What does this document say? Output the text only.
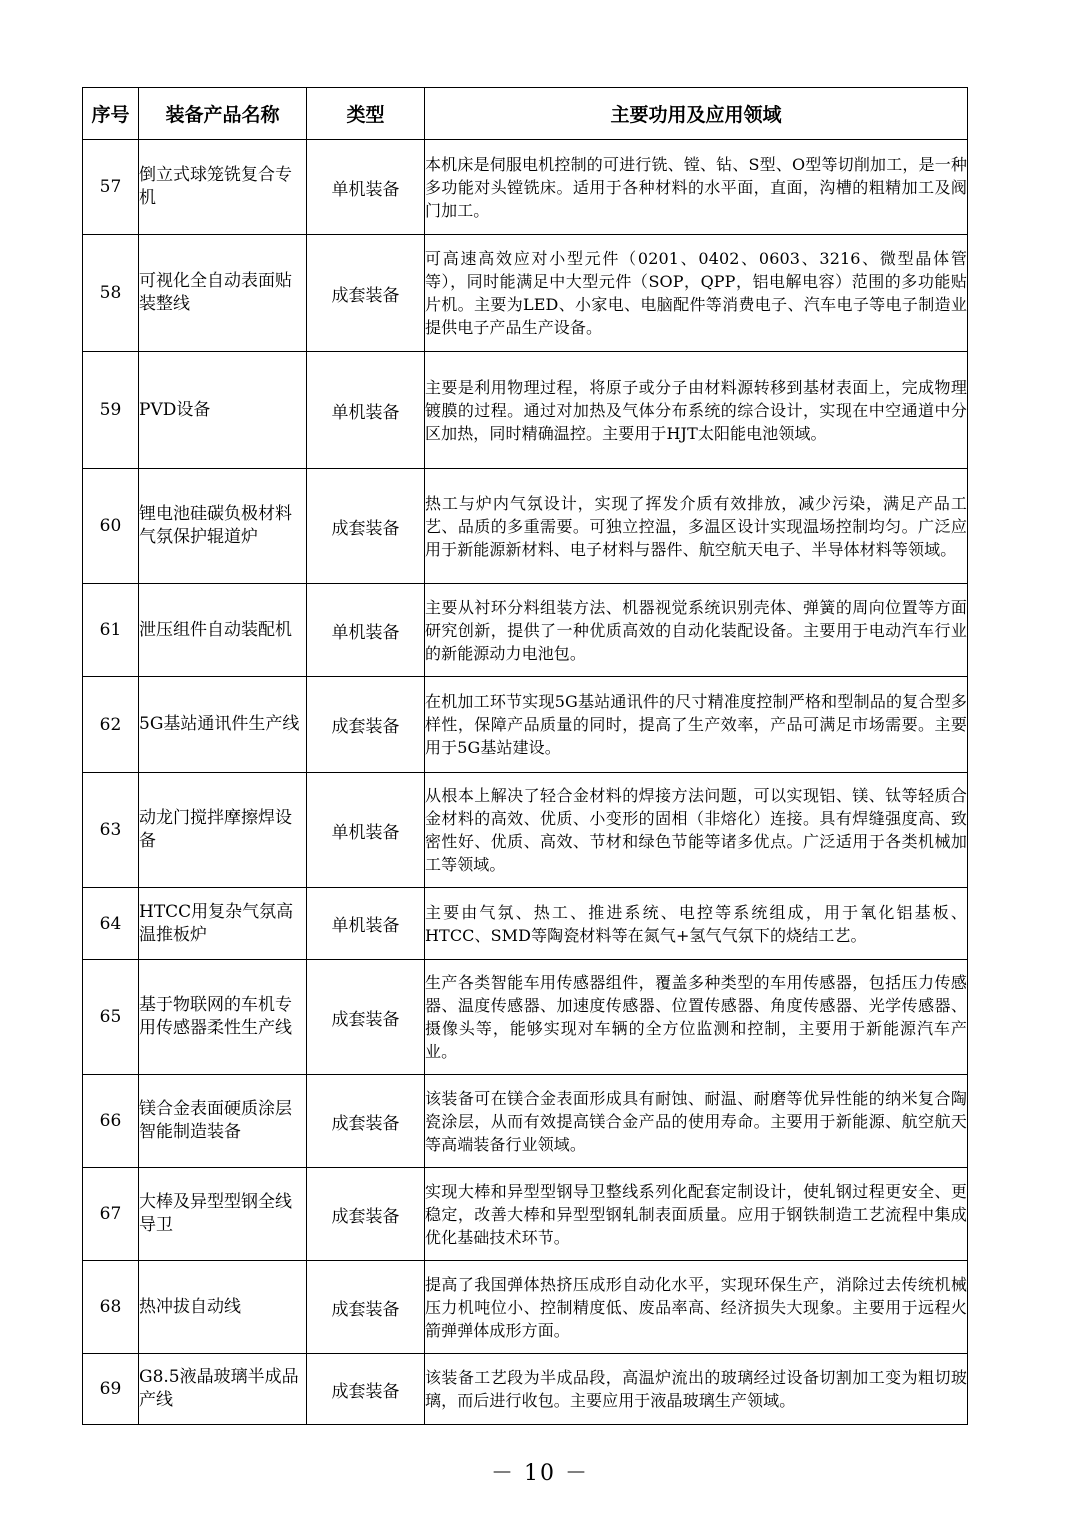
序号	装备产品名称	类型	主要功用及应用领域
57	倒立式球笼铣复合专机	单机装备	本机床是伺服电机控制的可进行铣、镗、钻、S型、O型等切削加工，是一种多功能对头镗铣床。适用于各种材料的水平面，直面，沟槽的粗精加工及阀门加工。
58	可视化全自动表面贴装整线	成套装备	可高速高效应对小型元件（0201、0402、0603、3216、微型晶体管等），同时能满足中大型元件（SOP，QPP，铝电解电容）范围的多功能贴片机。主要为LED、小家电、电脑配件等消费电子、汽车电子等电子制造业提供电子产品生产设备。
59	PVD设备	单机装备	主要是利用物理过程，将原子或分子由材料源转移到基材表面上，完成物理镀膜的过程。通过对加热及气体分布系统的综合设计，实现在中空通道中分区加热，同时精确温控。主要用于HJT太阳能电池领域。
60	锂电池硅碳负极材料气氛保护辊道炉	成套装备	热工与炉内气氛设计，实现了挥发介质有效排放，减少污染，满足产品工艺、品质的多重需要。可独立控温，多温区设计实现温场控制均匀。广泛应用于新能源新材料、电子材料与器件、航空航天电子、半导体材料等领域。
61	泄压组件自动装配机	单机装备	主要从衬环分料组装方法、机器视觉系统识别壳体、弹簧的周向位置等方面研究创新，提供了一种优质高效的自动化装配设备。主要用于电动汽车行业的新能源动力电池包。
62	5G基站通讯件生产线	成套装备	在机加工环节实现5G基站通讯件的尺寸精准度控制严格和型制品的复合型多样性，保障产品质量的同时，提高了生产效率，产品可满足市场需要。主要用于5G基站建设。
63	动龙门搅拌摩擦焊设备	单机装备	从根本上解决了轻合金材料的焊接方法问题，可以实现铝、镁、钛等轻质合金材料的高效、优质、小变形的固相（非熔化）连接。具有焊缝强度高、致密性好、优质、高效、节材和绿色节能等诸多优点。广泛适用于各类机械加工等领域。
64	HTCC用复杂气氛高温推板炉	单机装备	主要由气氛、热工、推进系统、电控等系统组成，用于氧化铝基板、HTCC、SMD等陶瓷材料等在氮气+氢气气氛下的烧结工艺。
65	基于物联网的车机专用传感器柔性生产线	成套装备	生产各类智能车用传感器组件，覆盖多种类型的车用传感器，包括压力传感器、温度传感器、加速度传感器、位置传感器、角度传感器、光学传感器、摄像头等，能够实现对车辆的全方位监测和控制，主要用于新能源汽车产业。
66	镁合金表面硬质涂层智能制造装备	成套装备	该装备可在镁合金表面形成具有耐蚀、耐温、耐磨等优异性能的纳米复合陶瓷涂层，从而有效提高镁合金产品的使用寿命。主要用于新能源、航空航天等高端装备行业领域。
67	大棒及异型型钢全线导卫	成套装备	实现大棒和异型型钢导卫整线系列化配套定制设计，使轧钢过程更安全、更稳定，改善大棒和异型型钢轧制表面质量。应用于钢铁制造工艺流程中集成优化基础技术环节。
68	热冲拔自动线	成套装备	提高了我国弹体热挤压成形自动化水平，实现环保生产，消除过去传统机械压力机吨位小、控制精度低、废品率高、经济损失大现象。主要用于远程火箭弹弹体成形方面。
69	G8.5液晶玻璃半成品产线	成套装备	该装备工艺段为半成品段，高温炉流出的玻璃经过设备切割加工变为粗切玻璃，而后进行收包。主要应用于液晶玻璃生产领域。
－ 10 －
